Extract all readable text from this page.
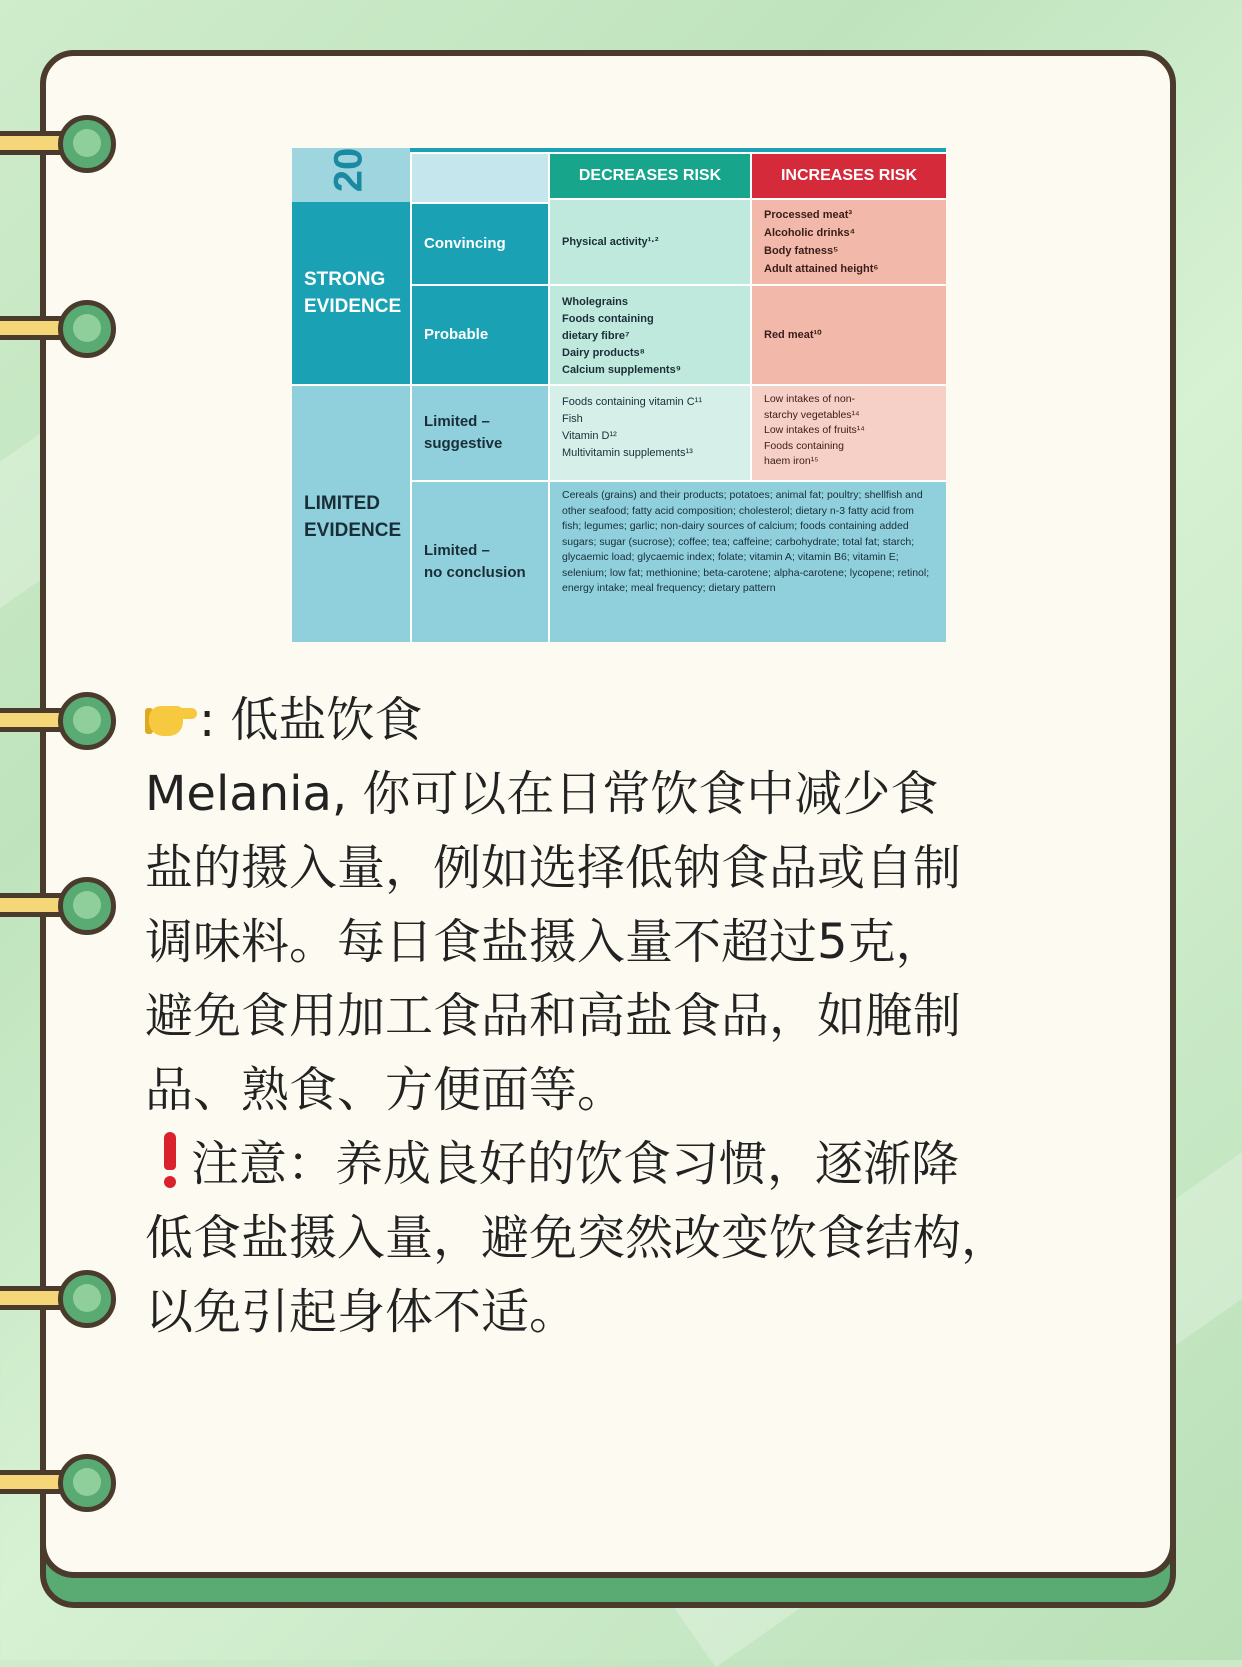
20	DECREASES RISK	INCREASES RISK
STRONG
EVIDENCE
LIMITED
EVIDENCE
Convincing
Probable
Limited –
suggestive
Limited –
no conclusion
Physical activity¹·²
Processed meat³
Alcoholic drinks⁴
Body fatness⁵
Adult attained height⁶
Wholegrains
Foods containing
dietary fibre⁷
Dairy products⁸
Calcium supplements⁹
Red meat¹⁰
Foods containing vitamin C¹¹
Fish
Vitamin D¹²
Multivitamin supplements¹³
Low intakes of non-
starchy vegetables¹⁴
Low intakes of fruits¹⁴
Foods containing
haem iron¹⁵
Cereals (grains) and their products; potatoes; animal fat; poultry; shellfish and other seafood; fatty acid composition; cholesterol; dietary n-3 fatty acid from fish; legumes; garlic; non-dairy sources of calcium; foods containing added sugars; sugar (sucrose); coffee; tea; caffeine; carbohydrate; total fat; starch; glycaemic load; glycaemic index; folate; vitamin A; vitamin B6; vitamin E; selenium; low fat; methionine; beta-carotene; alpha-carotene; lycopene; retinol; energy intake; meal frequency; dietary pattern

: 低盐饮食

Melania, 你可以在日常饮食中减少食

盐的摄入量，例如选择低钠食品或自制

调味料。每日食盐摄入量不超过5克，

避免食用加工食品和高盐食品，如腌制

品、熟食、方便面等。

注意：养成良好的饮食习惯，逐渐降

低食盐摄入量，避免突然改变饮食结构，

以免引起身体不适。
